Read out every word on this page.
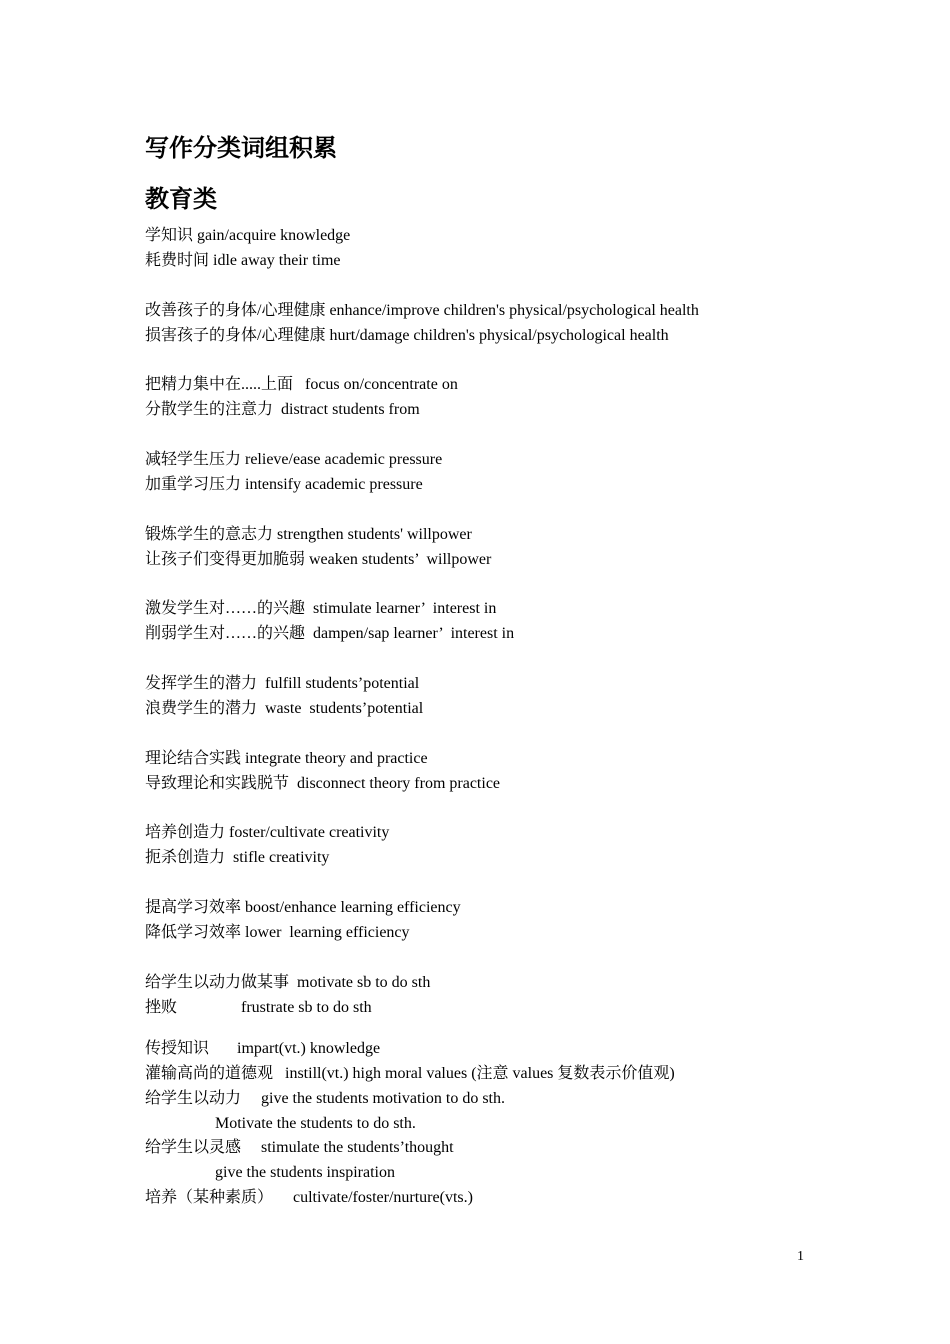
写作分类词组积累
教育类
学知识 gain/acquire knowledge
耗费时间 idle away their time
改善孩子的身体/心理健康 enhance/improve children's physical/psychological health
损害孩子的身体/心理健康 hurt/damage children's physical/psychological health
把精力集中在.....上面   focus on/concentrate on
分散学生的注意力  distract students from
减轻学生压力 relieve/ease academic pressure
加重学习压力 intensify academic pressure
锻炼学生的意志力 strengthen students' willpower
让孩子们变得更加脆弱 weaken students’  willpower
激发学生对……的兴趣  stimulate learner’  interest in
削弱学生对……的兴趣  dampen/sap learner’  interest in
发挥学生的潜力  fulfill students’potential
浪费学生的潜力  waste  students’potential
理论结合实践 integrate theory and practice
导致理论和实践脱节  disconnect theory from practice
培养创造力 foster/cultivate creativity
扼杀创造力  stifle creativity
提高学习效率 boost/enhance learning efficiency
降低学习效率 lower  learning efficiency
给学生以动力做某事  motivate sb to do sth
挫败                frustrate sb to do sth
传授知识       impart(vt.) knowledge
灌输高尚的道德观   instill(vt.) high moral values (注意 values 复数表示价值观)
给学生以动力     give the students motivation to do sth.
Motivate the students to do sth.
给学生以灵感     stimulate the students’thought
give the students inspiration
培养（某种素质）     cultivate/foster/nurture(vts.)
1
